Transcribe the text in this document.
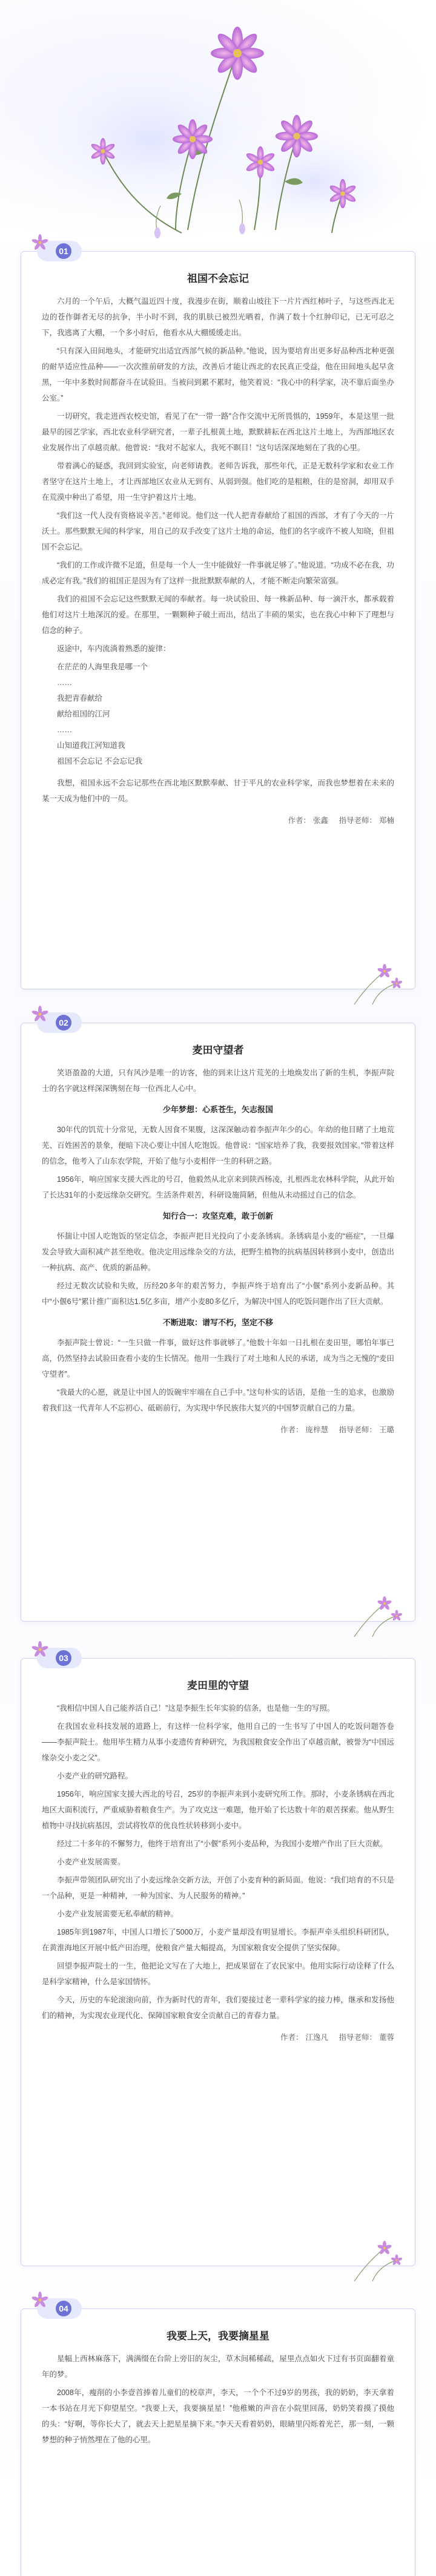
01
祖国不会忘记

六月的一个午后，大概气温近四十度，我漫步在街，顺着山坡往下一片片西红柿叶子，与这些西北无边的苍作御者无尽的抗争，半小时不到，我的肌肤已被烈光晒着，作满了数十个红肿印记，已无可忍之下，我逃离了大棚，一个多小时后，他看水从大棚缓缓走出。

“只有深入田间地头，才能研究出适宜西部气候的新品种。”他说，因为要培育出更多好品种西北种更强的耐旱适应性品种——一次次推前研发的方法，改善后才能让西北的农民真正受益，他在田间地头起早贪黑，一年中多数时间都奋斗在试验田。当被问到累不累时，他笑着说：“我心中的科学家，决不靠后面坐办公室。”

一切研究，我走进西农校史馆，看见了在“一带一路”合作交流中无所畏惧的，1959年，本是这里一批最早的园艺学家，西北农业科学研究者，一辈子扎根黄土地，默默耕耘在西北这片土地上，为西部地区农业发展作出了卓越贡献。他曾说：“我对不起家人，我死不瞑目！”这句话深深地刻在了我的心里。

带着满心的疑惑，我回到实验室，向老师请教。老师告诉我，那些年代，正是无数科学家和农业工作者坚守在这片土地上，才让西部地区农业从无到有、从弱到强。他们吃的是粗粮，住的是窑洞，却用双手在荒漠中种出了希望，用一生守护着这片土地。

“我们这一代人没有资格说辛苦。”老师说。他们这一代人把青春献给了祖国的西部，才有了今天的一片沃土。那些默默无闻的科学家，用自己的双手改变了这片土地的命运，他们的名字或许不被人知晓，但祖国不会忘记。

“我们的工作或许微不足道，但是每一个人一生中能做好一件事就足够了。”他说道。“功成不必在我，功成必定有我。”我们的祖国正是因为有了这样一批批默默奉献的人，才能不断走向繁荣富强。

我们的祖国不会忘记这些默默无闻的奉献者。每一块试验田、每一株新品种、每一滴汗水，都承载着他们对这片土地深沉的爱。在那里，一颗颗种子破土而出，结出了丰硕的果实，也在我心中种下了理想与信念的种子。

返途中，车内流淌着熟悉的旋律：

在茫茫的人海里我是哪一个
……
我把青春献给
献给祖国的江河
……
山知道我江河知道我
祖国不会忘记 不会忘记我

我想，祖国永远不会忘记那些在西北地区默默奉献、甘于平凡的农业科学家，而我也梦想着在未来的某一天成为他们中的一员。

作者： 张鑫 指导老师： 郑楠
02
麦田守望者

笑语盈盈的大道，只有风沙是唯一的访客，他的到来让这片荒芜的土地焕发出了新的生机，李振声院士的名字就这样深深镌刻在每一位西北人心中。

少年梦想：心系苍生，矢志报国

30年代的饥荒十分常见，无数人因食不果腹，这深深触动着李振声年少的心。年幼的他目睹了土地荒芜、百姓困苦的景象，便暗下决心要让中国人吃饱饭。他曾说：“国家培养了我，我要报效国家。”带着这样的信念，他考入了山东农学院，开始了他与小麦相伴一生的科研之路。

1956年，响应国家支援大西北的号召，他毅然从北京来到陕西杨凌，扎根西北农林科学院，从此开始了长达31年的小麦远缘杂交研究。生活条件艰苦，科研设施简陋，但他从未动摇过自己的信念。

知行合一：攻坚克难，敢于创新

怀揣让中国人吃饱饭的坚定信念，李振声把目光投向了小麦条锈病。条锈病是小麦的“癌症”，一旦爆发会导致大面积减产甚至绝收。他决定用远缘杂交的方法，把野生植物的抗病基因转移到小麦中，创造出一种抗病、高产、优质的新品种。

经过无数次试验和失败，历经20多年的艰苦努力，李振声终于培育出了“小偃”系列小麦新品种。其中“小偃6号”累计推广面积达1.5亿多亩，增产小麦80多亿斤，为解决中国人的吃饭问题作出了巨大贡献。

不断进取：谱写不朽，坚定不移

李振声院士曾说：“一生只做一件事，做好这件事就够了。”他数十年如一日扎根在麦田里，哪怕年事已高，仍然坚持去试验田查看小麦的生长情况。他用一生践行了对土地和人民的承诺，成为当之无愧的“麦田守望者”。

“我最大的心愿，就是让中国人的饭碗牢牢端在自己手中。”这句朴实的话语，是他一生的追求，也激励着我们这一代青年人不忘初心、砥砺前行，为实现中华民族伟大复兴的中国梦贡献自己的力量。

作者： 庞梓慧 指导老师： 王璐
03
麦田里的守望

“我相信中国人自己能养活自己！”这是李振生长年实验的信条，也是他一生的写照。

在我国农业科技发展的道路上，有这样一位科学家，他用自己的一生书写了中国人的吃饭问题答卷——李振声院士。他用毕生精力从事小麦遗传育种研究，为我国粮食安全作出了卓越贡献，被誉为“中国远缘杂交小麦之父”。

小麦产业的研究路程。

1956年，响应国家支援大西北的号召，25岁的李振声来到小麦研究所工作。那时，小麦条锈病在西北地区大面积流行，严重威胁着粮食生产。为了攻克这一难题，他开始了长达数十年的艰苦探索。他从野生植物中寻找抗病基因，尝试将牧草的优良性状转移到小麦中。

经过二十多年的不懈努力，他终于培育出了“小偃”系列小麦品种，为我国小麦增产作出了巨大贡献。

小麦产业发展需要。

李振声带领团队研究出了小麦远缘杂交新方法，开创了小麦育种的新局面。他说：“我们培育的不只是一个品种，更是一种精神，一种为国家、为人民服务的精神。”

小麦产业发展需要无私奉献的精神。

1985年到1987年，中国人口增长了5000万，小麦产量却没有明显增长。李振声牵头组织科研团队，在黄淮海地区开展中低产田治理，使粮食产量大幅提高，为国家粮食安全提供了坚实保障。

回望李振声院士的一生，他把论文写在了大地上，把成果留在了农民家中。他用实际行动诠释了什么是科学家精神，什么是家国情怀。

今天，历史的车轮滚滚向前，作为新时代的青年，我们要接过老一辈科学家的接力棒，继承和发扬他们的精神，为实现农业现代化、保障国家粮食安全贡献自己的青春力量。

作者： 江逸凡 指导老师： 董蓉
04
我要上天，我要摘星星

星幅上西林麻落下，满满缀在台阶上旁旧的灰尘，草木间稀稀疏，屋里点点如火下过有书页面翻着童年的梦。

2008年，瘦削的小李壹首捧着儿童们的校章声，李天，一个个不过9岁的男孩，我的奶奶，李天拿着一本书站在月光下仰望星空。“我要上天，我要摘星星！”他稚嫩的声音在小院里回荡，奶奶笑着摸了摸他的头：“好啊，等你长大了，就去天上把星星摘下来。”李天天看着奶奶，眼睛里闪烁着光芒，那一刻，一颗梦想的种子悄然埋在了他的心里。
